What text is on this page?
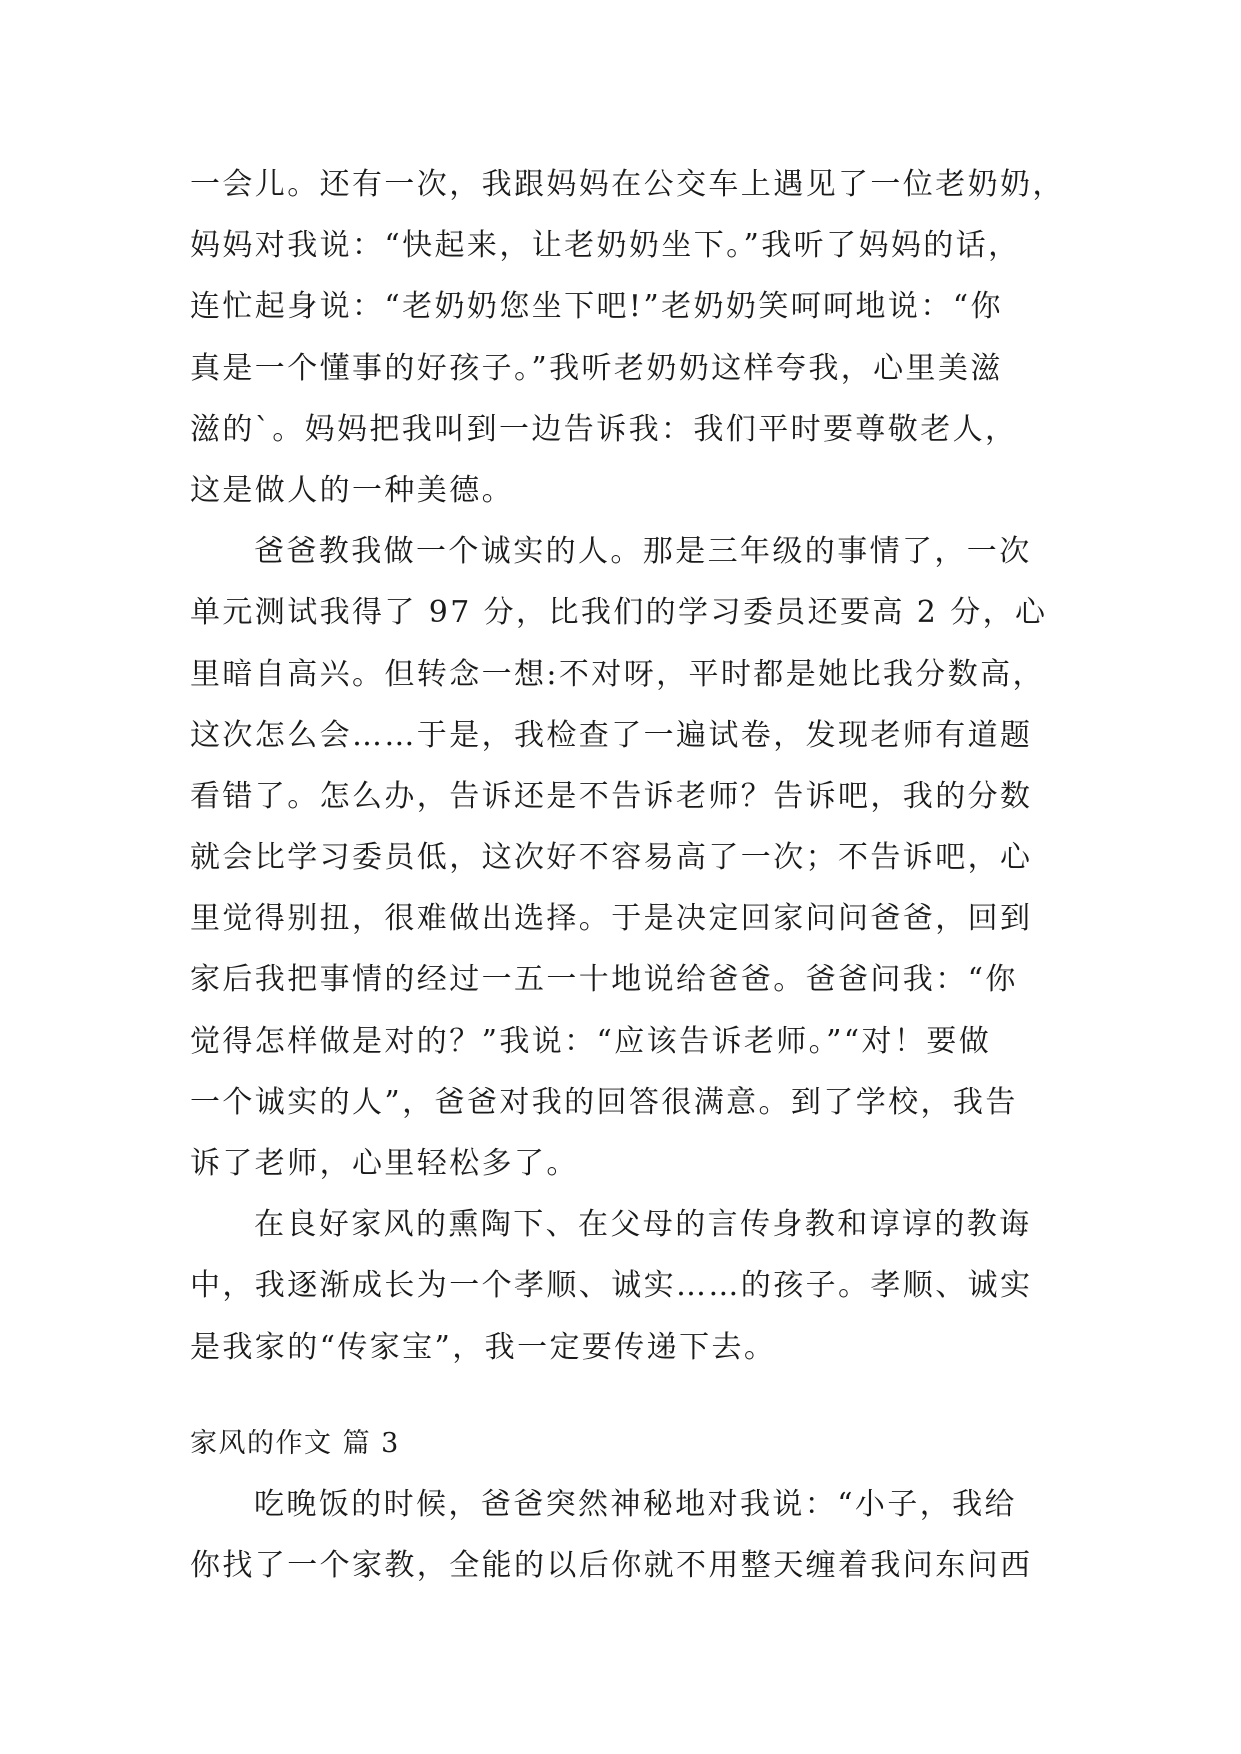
一会儿。还有一次，我跟妈妈在公交车上遇见了一位老奶奶，
妈妈对我说：“快起来，让老奶奶坐下。”我听了妈妈的话，
连忙起身说：“老奶奶您坐下吧!”老奶奶笑呵呵地说：“你
真是一个懂事的好孩子。”我听老奶奶这样夸我，心里美滋
滋的`。妈妈把我叫到一边告诉我：我们平时要尊敬老人，
这是做人的一种美德。
爸爸教我做一个诚实的人。那是三年级的事情了，一次
单元测试我得了 97 分，比我们的学习委员还要高 2 分，心
里暗自高兴。但转念一想:不对呀，平时都是她比我分数高，
这次怎么会……于是，我检查了一遍试卷，发现老师有道题
看错了。怎么办，告诉还是不告诉老师？告诉吧，我的分数
就会比学习委员低，这次好不容易高了一次；不告诉吧，心
里觉得别扭，很难做出选择。于是决定回家问问爸爸，回到
家后我把事情的经过一五一十地说给爸爸。爸爸问我：“你
觉得怎样做是对的？”我说：“应该告诉老师。”“对！要做
一个诚实的人”，爸爸对我的回答很满意。到了学校，我告
诉了老师，心里轻松多了。
在良好家风的熏陶下、在父母的言传身教和谆谆的教诲
中，我逐渐成长为一个孝顺、诚实……的孩子。孝顺、诚实
是我家的“传家宝”，我一定要传递下去。
家风的作文 篇 3
吃晚饭的时候，爸爸突然神秘地对我说：“小子，我给
你找了一个家教，全能的以后你就不用整天缠着我问东问西
